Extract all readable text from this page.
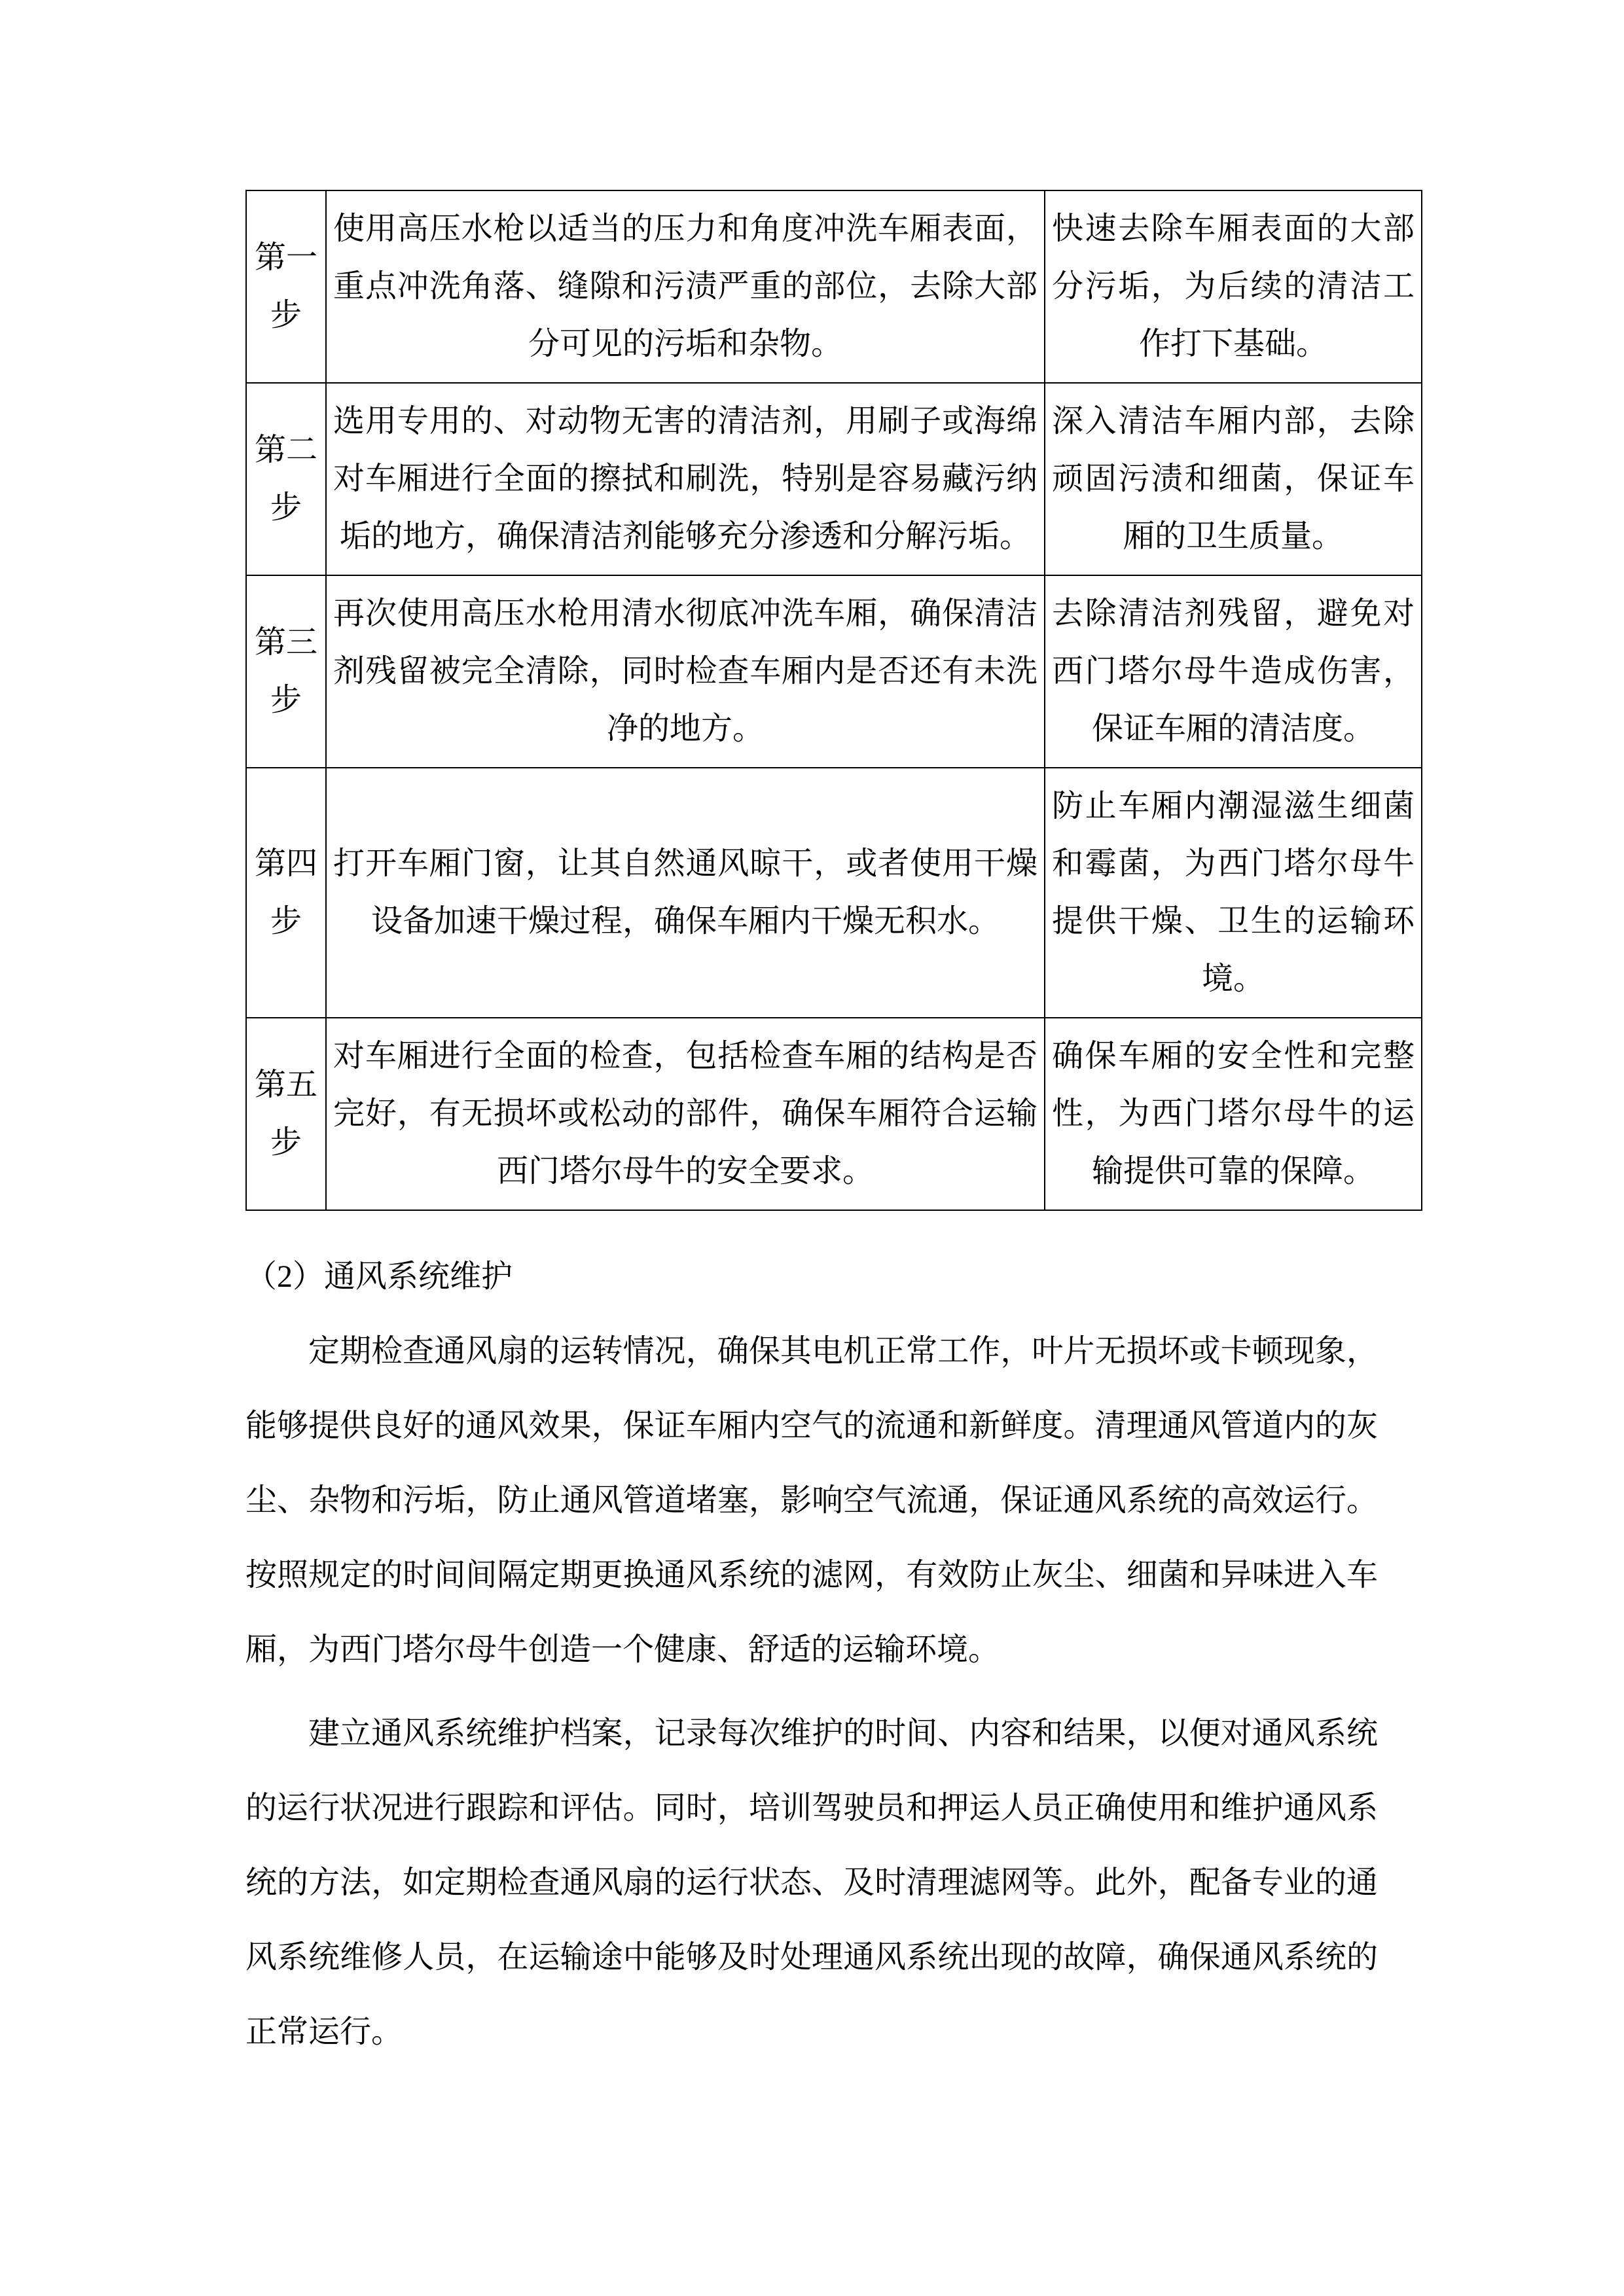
第一步	使用高压水枪以适当的压力和角度冲洗车厢表面，重点冲洗角落、缝隙和污渍严重的部位，去除大部分可见的污垢和杂物。	快速去除车厢表面的大部分污垢，为后续的清洁工作打下基础。
第二步	选用专用的、对动物无害的清洁剂，用刷子或海绵对车厢进行全面的擦拭和刷洗，特别是容易藏污纳垢的地方，确保清洁剂能够充分渗透和分解污垢。	深入清洁车厢内部，去除顽固污渍和细菌，保证车厢的卫生质量。
第三步	再次使用高压水枪用清水彻底冲洗车厢，确保清洁剂残留被完全清除，同时检查车厢内是否还有未洗净的地方。	去除清洁剂残留，避免对西门塔尔母牛造成伤害，保证车厢的清洁度。
第四步	打开车厢门窗，让其自然通风晾干，或者使用干燥设备加速干燥过程，确保车厢内干燥无积水。	防止车厢内潮湿滋生细菌和霉菌，为西门塔尔母牛提供干燥、卫生的运输环境。
第五步	对车厢进行全面的检查，包括检查车厢的结构是否完好，有无损坏或松动的部件，确保车厢符合运输西门塔尔母牛的安全要求。	确保车厢的安全性和完整性，为西门塔尔母牛的运输提供可靠的保障。
（2）通风系统维护

定期检查通风扇的运转情况，确保其电机正常工作，叶片无损坏或卡顿现象，能够提供良好的通风效果，保证车厢内空气的流通和新鲜度。清理通风管道内的灰尘、杂物和污垢，防止通风管道堵塞，影响空气流通，保证通风系统的高效运行。按照规定的时间间隔定期更换通风系统的滤网，有效防止灰尘、细菌和异味进入车厢，为西门塔尔母牛创造一个健康、舒适的运输环境。

建立通风系统维护档案，记录每次维护的时间、内容和结果，以便对通风系统的运行状况进行跟踪和评估。同时，培训驾驶员和押运人员正确使用和维护通风系统的方法，如定期检查通风扇的运行状态、及时清理滤网等。此外，配备专业的通风系统维修人员，在运输途中能够及时处理通风系统出现的故障，确保通风系统的正常运行。
